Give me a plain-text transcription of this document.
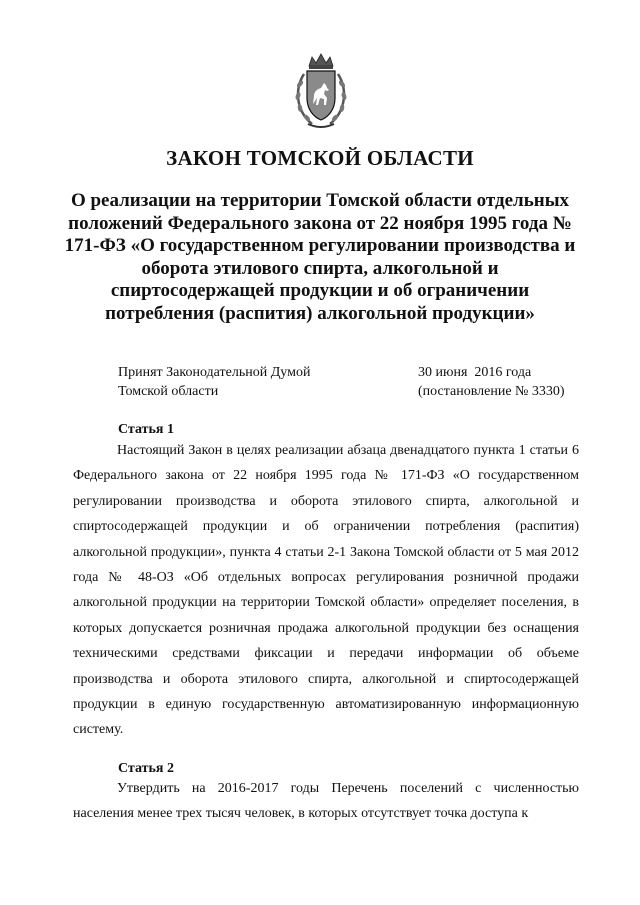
ЗАКОН ТОМСКОЙ ОБЛАСТИ
О реализации на территории Томской области отдельных положений Федерального закона от 22 ноября 1995 года № 171-ФЗ «О государственном регулировании производства и оборота этилового спирта, алкогольной и спиртосодержащей продукции и об ограничении потребления (распития) алкогольной продукции»
Принят Законодательной Думой
Томской области
30 июня  2016 года
(постановление № 3330)
Статья 1
Настоящий Закон в целях реализации абзаца двенадцатого пункта 1 статьи 6 Федерального закона от 22 ноября 1995 года № 171-ФЗ «О государственном регулировании производства и оборота этилового спирта, алкогольной и спиртосодержащей продукции и об ограничении потребления (распития) алкогольной продукции», пункта 4 статьи 2-1 Закона Томской области от 5 мая 2012 года № 48-ОЗ «Об отдельных вопросах регулирования розничной продажи алкогольной продукции на территории Томской области» определяет поселения, в которых допускается розничная продажа алкогольной продукции без оснащения техническими средствами фиксации и передачи информации об объеме производства и оборота этилового спирта, алкогольной и спиртосодержащей продукции в единую государственную автоматизированную информационную систему.
Статья 2
Утвердить на 2016-2017 годы Перечень поселений с численностью населения менее трех тысяч человек, в которых отсутствует точка доступа к
